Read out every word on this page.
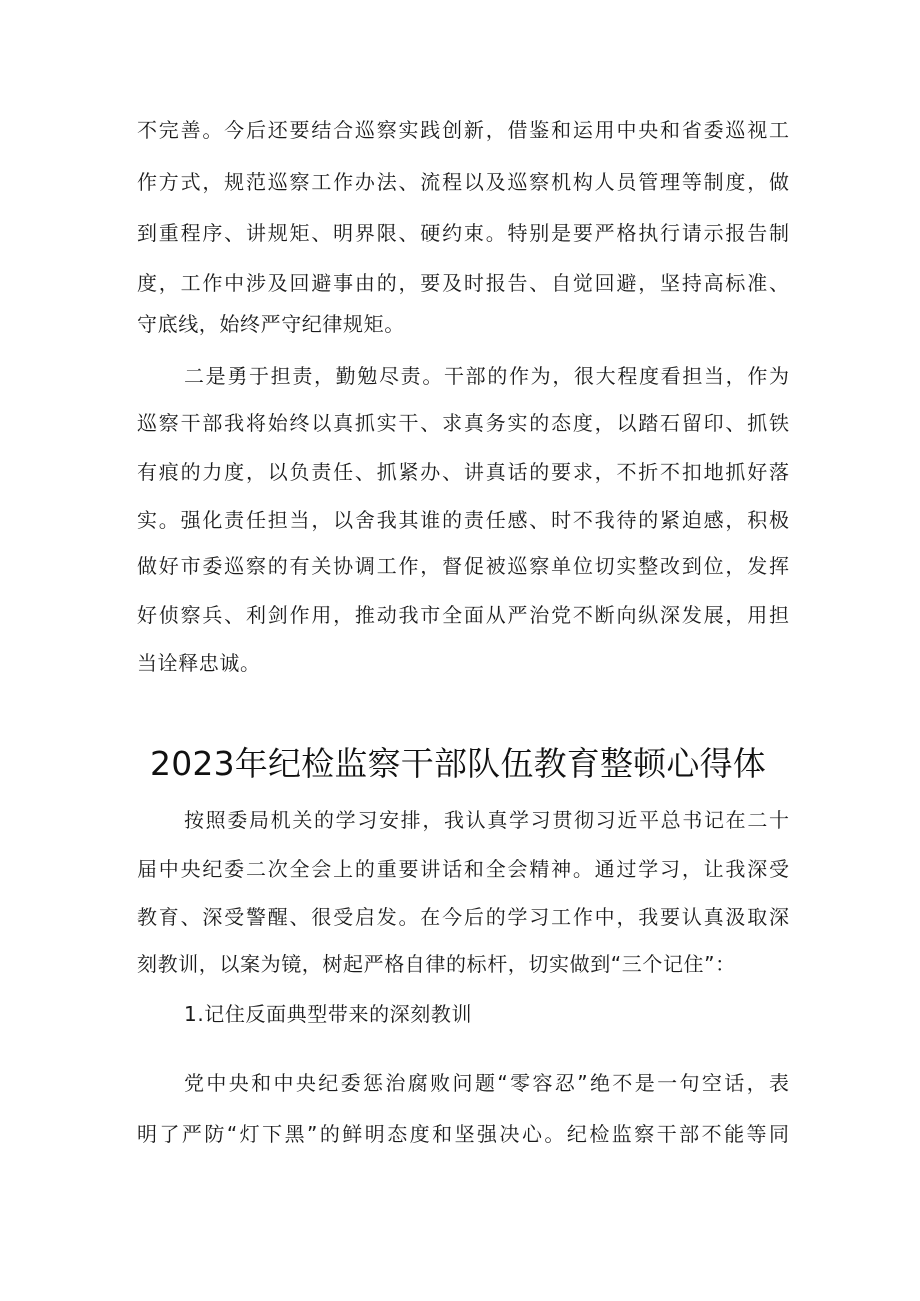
不完善。今后还要结合巡察实践创新，借鉴和运用中央和省委巡视工
作方式，规范巡察工作办法、流程以及巡察机构人员管理等制度，做
到重程序、讲规矩、明界限、硬约束。特别是要严格执行请示报告制
度，工作中涉及回避事由的，要及时报告、自觉回避，坚持高标准、
守底线，始终严守纪律规矩。
二是勇于担责，勤勉尽责。干部的作为，很大程度看担当，作为
巡察干部我将始终以真抓实干、求真务实的态度，以踏石留印、抓铁
有痕的力度，以负责任、抓紧办、讲真话的要求，不折不扣地抓好落
实。强化责任担当，以舍我其谁的责任感、时不我待的紧迫感，积极
做好市委巡察的有关协调工作，督促被巡察单位切实整改到位，发挥
好侦察兵、利剑作用，推动我市全面从严治党不断向纵深发展，用担
当诠释忠诚。
2023年纪检监察干部队伍教育整顿心得体
按照委局机关的学习安排，我认真学习贯彻习近平总书记在二十
届中央纪委二次全会上的重要讲话和全会精神。通过学习，让我深受
教育、深受警醒、很受启发。在今后的学习工作中，我要认真汲取深
刻教训，以案为镜，树起严格自律的标杆，切实做到“三个记住”：
1.记住反面典型带来的深刻教训
党中央和中央纪委惩治腐败问题“零容忍”绝不是一句空话，表
明了严防“灯下黑”的鲜明态度和坚强决心。纪检监察干部不能等同
